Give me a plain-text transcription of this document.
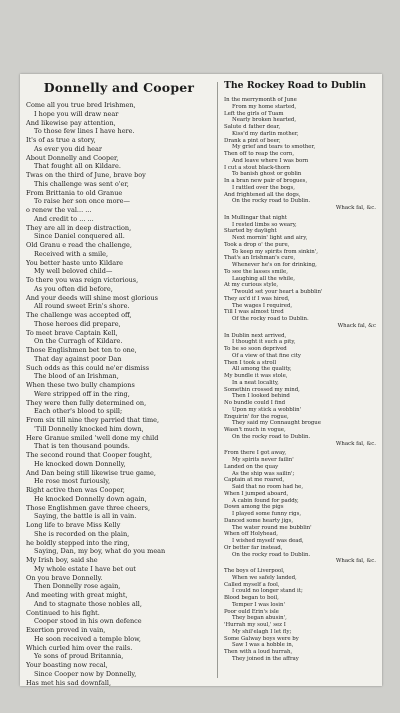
Donnelly and Cooper
Come all you true bred Irishmen,
I hope you will draw near
And likewise pay attention,
To those few lines I have here.
It's of as true a story,
As ever you did hear
About Donnelly and Cooper,
That fought all on Kildare.
Twas on the third of June, brave boy
This challenge was sent o'er,
From Brittania to old Granue
To raise her son once more—
o renew the val... ...
And credit to ... ...
They are all in deep distraction,
Since Daniel conquered all.
Old Granu e read the challenge,
Received with a smile,
You better haste unto Kildare
My well beloved child—
To there you was reign victorious,
As you often did before,
And your deeds will shine most glorious
All round sweet Erin's shore.
The challenge was accepted off,
Those heroes did prepare,
To meet brave Captain Kell,
On the Curragh of Kildare.
Those Englishmen bet ten to one,
That day against poor Dan
Such odds as this could ne'er dismiss
The blood of an Irishman,
When these two bully champions
Were stripped off in the ring,
They were then fully determined on,
Each other's blood to spill;
From six till nine they parried that time,
'Till Donnelly knocked him down,
Here Granue smiled 'well done my child
That is ten thousand pounds.
The second round that Cooper fought,
He knocked down Donnelly,
And Dan being still likewise true game,
He rose most furiously,
Right active then was Cooper,
He knocked Donnelly down again,
Those Englishmen gave three cheers,
Saying, the battle is all in vain.
Long life to brave Miss Kelly
She is recorded on the plain,
he boldly stepped into the ring,
Saying, Dan, my boy, what do you mean
My Irish boy, said she
My whole estate I have bet out
On you brave Donnelly.
Then Donnelly rose again,
And meeting with great might,
And to stagnate those nobles all,
Continued to his fight.
Cooper stood in his own defence
Exertion proved in vain,
He soon received a temple blow,
Which curled him over the rails.
Ye sons of proud Britannia,
Your boasting now recal,
Since Cooper now by Donnelly,
Has met his sad downfall,
The Rockey Road to Dublin
In the merrymonth of June
From my home started,
Left the girls of Tuam
Nearly broken hearted,
Salute d father dear,
Kiss'd my darlin mother,
Drank a pint of beer,
My grief and tears to smother,
Then off to reap the corn,
And leave where I was born
I cut a stout black-thorn
To banish ghost or goblin
In a bran new pair of brogues,
I rattled over the bogs,
And frightened all the dogs,
On the rocky road to Dublin.
Whack fal, &c.
In Mullingar that night
I rested limbs so weary,
Started by daylight
Next mornin' light and airy,
Took a drop o' the pure,
To keep my spirits from sinkin',
That's an Irishman's cure,
Whenever he's on for drinking,
To see the lasses smile,
Laughing all the while,
At my curious style,
'Twould set your heart a bubblin'
They ax'd if I was hired,
The wages I required,
Till I was almost tired
Of the rocky road to Dublin.
Whack fal, &c
In Dublin next arrived,
I thought it such a pity,
To be so soon deprived
Of a view of that fine city
Then I took a stroll
All among the quality,
My bundle it was stole,
In a neat locality,
Somethin crossed my mind,
Then I looked behind
No bundle could I find
Upon my stick a wobblin'
Enquirin' for the rogue,
They said my Connaught brogue
Wasn't much in vogue,
On the rocky road to Dublin.
Whack fal, &c.
From there I got away,
My spirits never failin'
Landed on the quay
As the ship was sailin';
Captain at me roared,
Said that no room had he,
When I jumped aboard,
A cabin found for paddy,
Down among the pigs
I played some funny rigs,
Danced some hearty jigs,
The water round me bubblin'
When off Holyhead,
I wished myself was dead,
Or better far instead,
On the rocky road to Dublin.
Whack fal, &c.
The boys of Liverpool,
When we safely landed,
Called myself a fool,
I could no longer stand it;
Blood began to boil,
Temper I was losin'
Poor ould Erin's isle
They began abusin',
'Hurrah my soul,' sez I
My shil'elagh I let fly;
Some Galway boys were by
Saw I was a hobble in,
Then with a loud hurrah,
They joined in the affray
